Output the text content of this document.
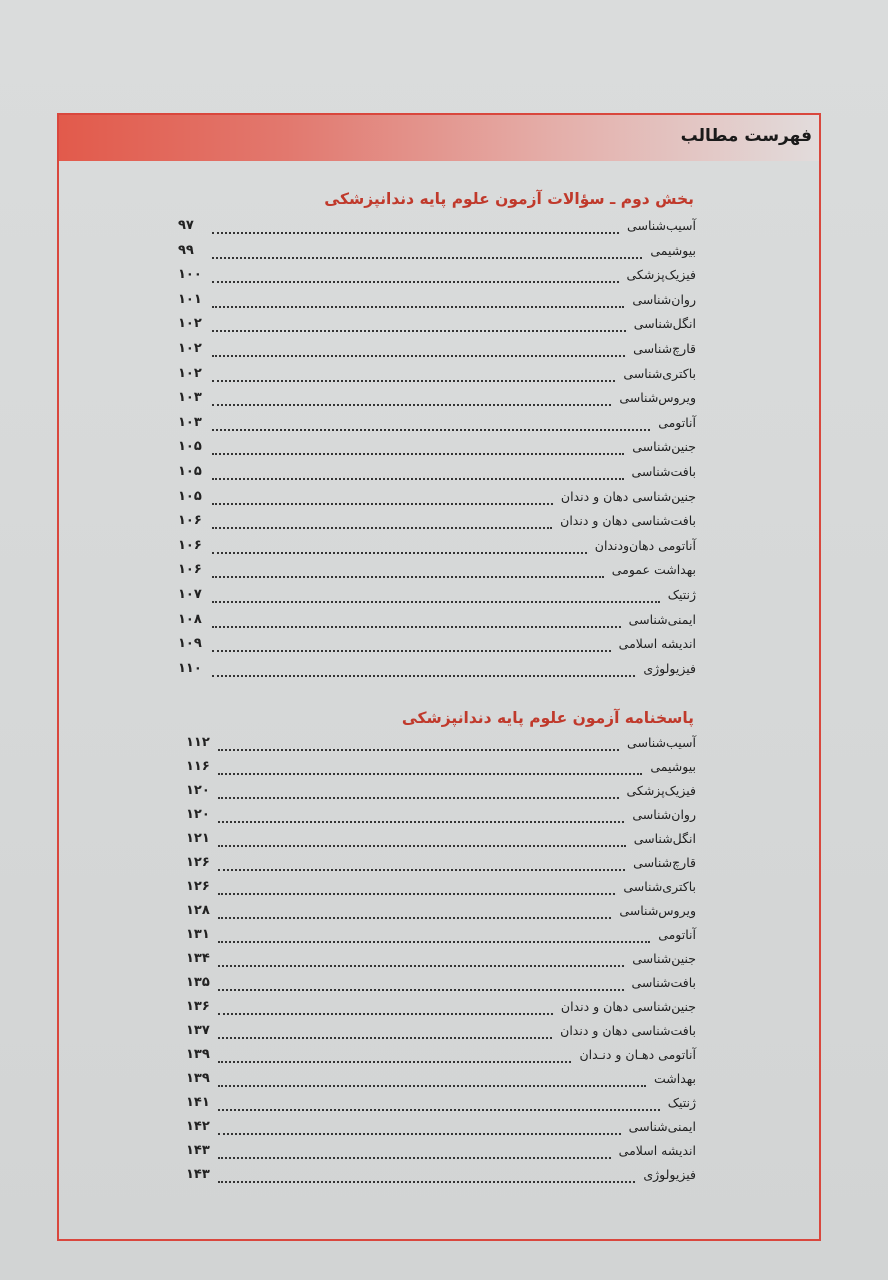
فهرست مطالب
بخش دوم ـ سؤالات آزمون علوم پایه دندانپزشکی
آسیب‌شناسی
۹۷
بیوشیمی
۹۹
فیزیک‌پزشکی
۱۰۰
روان‌شناسی
۱۰۱
انگل‌شناسی
۱۰۲
قارچ‌شناسی
۱۰۲
باکتری‌شناسی
۱۰۲
ویروس‌شناسی
۱۰۳
آناتومی
۱۰۳
جنین‌شناسی
۱۰۵
بافت‌شناسی
۱۰۵
جنین‌شناسی دهان و دندان
۱۰۵
بافت‌شناسی دهان و دندان
۱۰۶
آناتومی دهان‌ودندان
۱۰۶
بهداشت عمومی
۱۰۶
ژنتیک
۱۰۷
ایمنی‌شناسی
۱۰۸
اندیشه اسلامی
۱۰۹
فیزیولوژی
۱۱۰
پاسخنامه آزمون علوم پایه دندانپزشکی
آسیب‌شناسی
۱۱۲
بیوشیمی
۱۱۶
فیزیک‌پزشکی
۱۲۰
روان‌شناسی
۱۲۰
انگل‌شناسی
۱۲۱
قارچ‌شناسی
۱۲۶
باکتری‌شناسی
۱۲۶
ویروس‌شناسی
۱۲۸
آناتومی
۱۳۱
جنین‌شناسی
۱۳۴
بافت‌شناسی
۱۳۵
جنین‌شناسی دهان و دندان
۱۳۶
بافت‌شناسی دهان و دندان
۱۳۷
آناتومی دهـان و دنـدان
۱۳۹
بهداشت
۱۳۹
ژنتیک
۱۴۱
ایمنی‌شناسی
۱۴۲
اندیشه اسلامی
۱۴۳
فیزیولوژی
۱۴۳
